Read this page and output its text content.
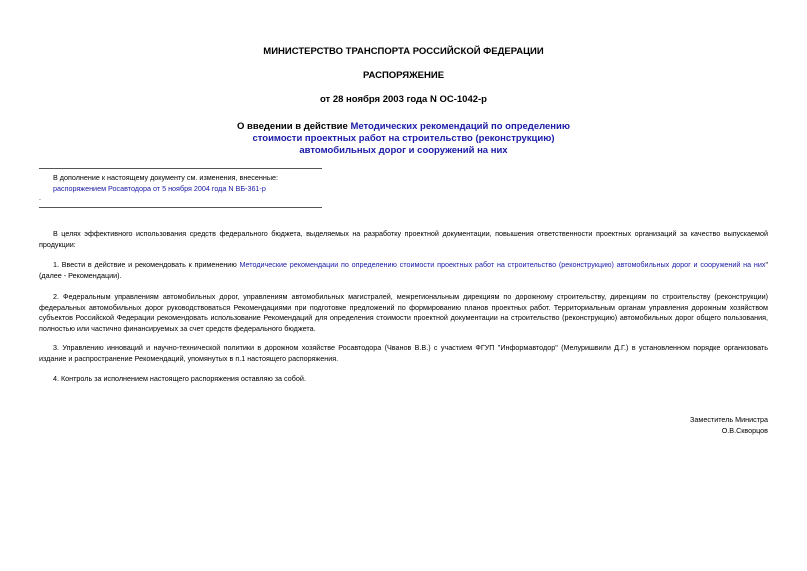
МИНИСТЕРСТВО ТРАНСПОРТА РОССИЙСКОЙ ФЕДЕРАЦИИ
РАСПОРЯЖЕНИЕ
от 28 ноября 2003 года N ОС-1042-р
О введении в действие Методических рекомендаций по определению
стоимости проектных работ на строительство (реконструкцию)
автомобильных дорог и сооружений на них
В дополнение к настоящему документу см. изменения, внесенные:
распоряжением Росавтодора от 5 ноября 2004 года N ВБ-361-р
.

В целях эффективного использования средств федерального бюджета, выделяемых на разработку проектной документации, повышения ответственности проектных организаций за качество выпускаемой продукции:

1. Ввести в действие и рекомендовать к применению Методические рекомендации по определению стоимости проектных работ на строительство (реконструкцию) автомобильных дорог и сооружений на них" (далее - Рекомендации).

2. Федеральным управлениям автомобильных дорог, управлениям автомобильных магистралей, межрегиональным дирекциям по дорожному строительству, дирекциям по строительству (реконструкции) федеральных автомобильных дорог руководствоваться Рекомендациями при подготовке предложений по формированию планов проектных работ. Территориальным органам управления дорожным хозяйством субъектов Российской Федерации рекомендовать использование Рекомендаций для определения стоимости проектной документации на строительство (реконструкцию) автомобильных дорог общего пользования, полностью или частично финансируемых за счет средств федерального бюджета.

3. Управлению инноваций и научно-технической политики в дорожном хозяйстве Росавтодора (Чванов В.В.) с участием ФГУП "Информавтодор" (Мелуришвили Д.Г.) в установленном порядке организовать издание и распространение Рекомендаций, упомянутых в п.1 настоящего распоряжения.

4. Контроль за исполнением настоящего распоряжения оставляю за собой.

Заместитель Министра
О.В.Скворцов
